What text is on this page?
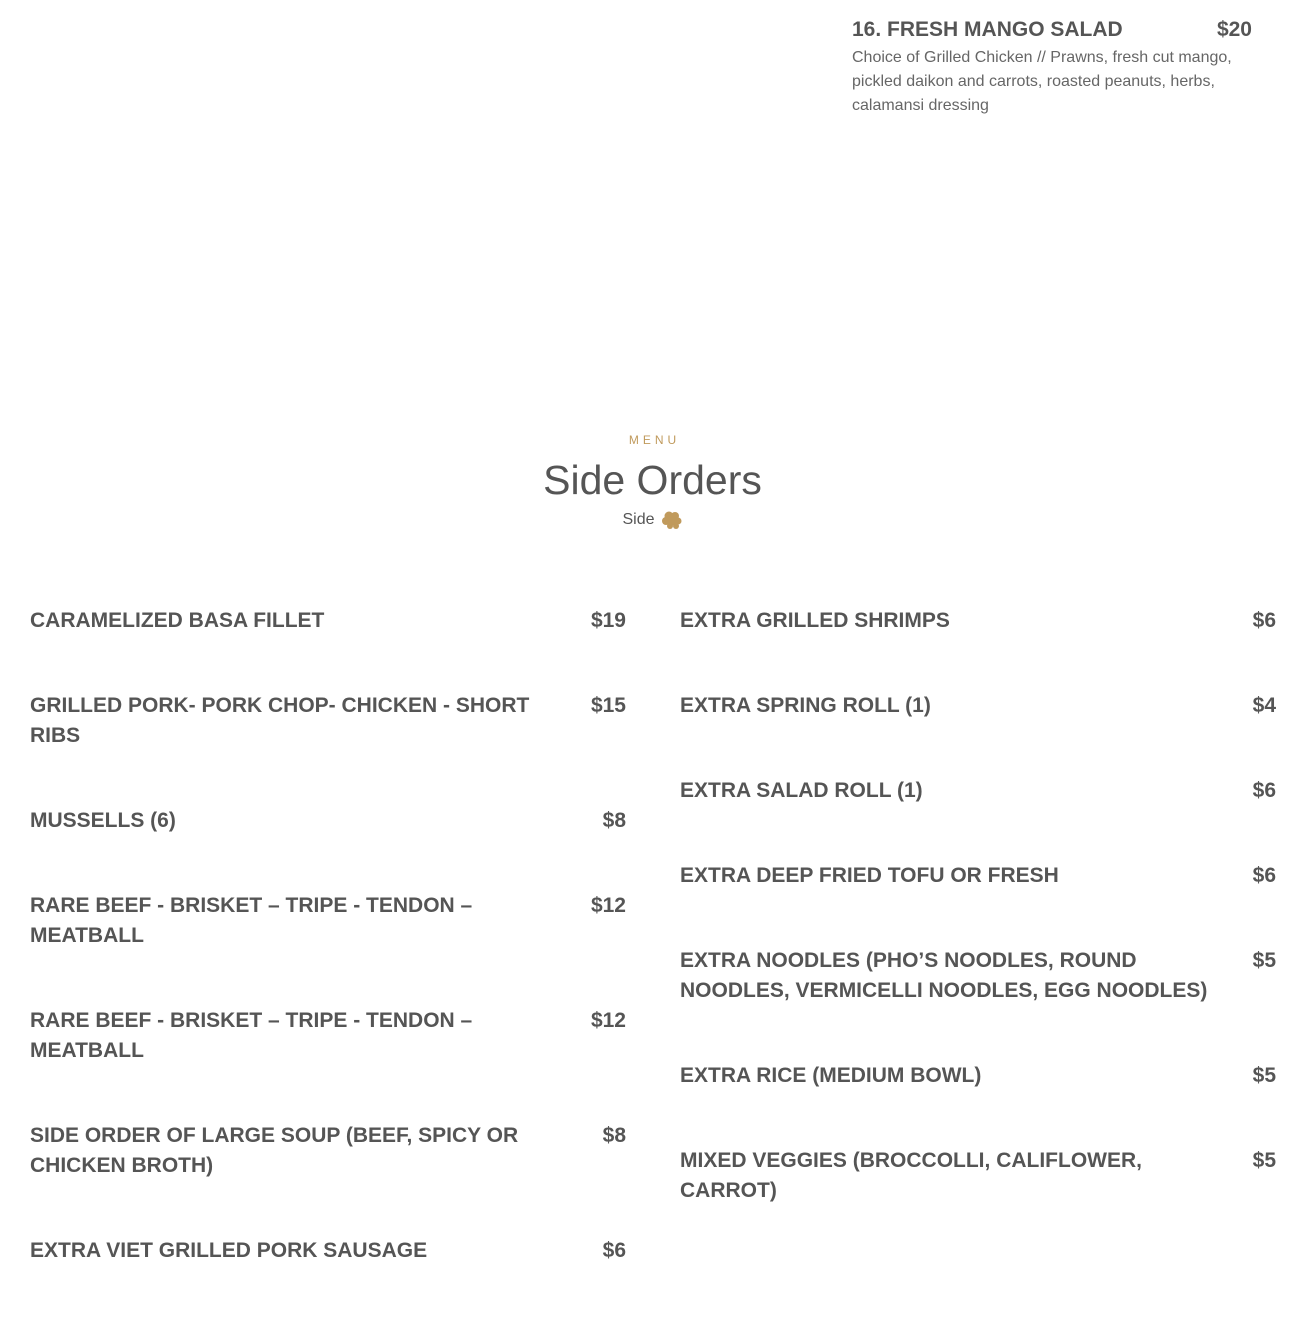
16. FRESH MANGO SALAD	$20
Choice of Grilled Chicken // Prawns, fresh cut mango, pickled daikon and carrots, roasted peanuts, herbs, calamansi dressing
MENU
Side Orders
Side
CARAMELIZED BASA FILLET	$19
GRILLED PORK- PORK CHOP- CHICKEN - SHORT RIBS
$15
MUSSELLS (6)	$8
RARE BEEF - BRISKET – TRIPE - TENDON – MEATBALL
$12
RARE BEEF - BRISKET – TRIPE - TENDON – MEATBALL
$12
SIDE ORDER OF LARGE SOUP (BEEF, SPICY OR CHICKEN BROTH)
$8
EXTRA VIET GRILLED PORK SAUSAGE	$6
EXTRA GRILLED SHRIMPS	$6
EXTRA SPRING ROLL (1)	$4
EXTRA SALAD ROLL (1)	$6
EXTRA DEEP FRIED TOFU OR FRESH	$6
EXTRA NOODLES (PHO’S NOODLES, ROUND NOODLES, VERMICELLI NOODLES, EGG NOODLES)
$5
EXTRA RICE (MEDIUM BOWL)	$5
MIXED VEGGIES (BROCCOLLI, CALIFLOWER, CARROT)
$5
